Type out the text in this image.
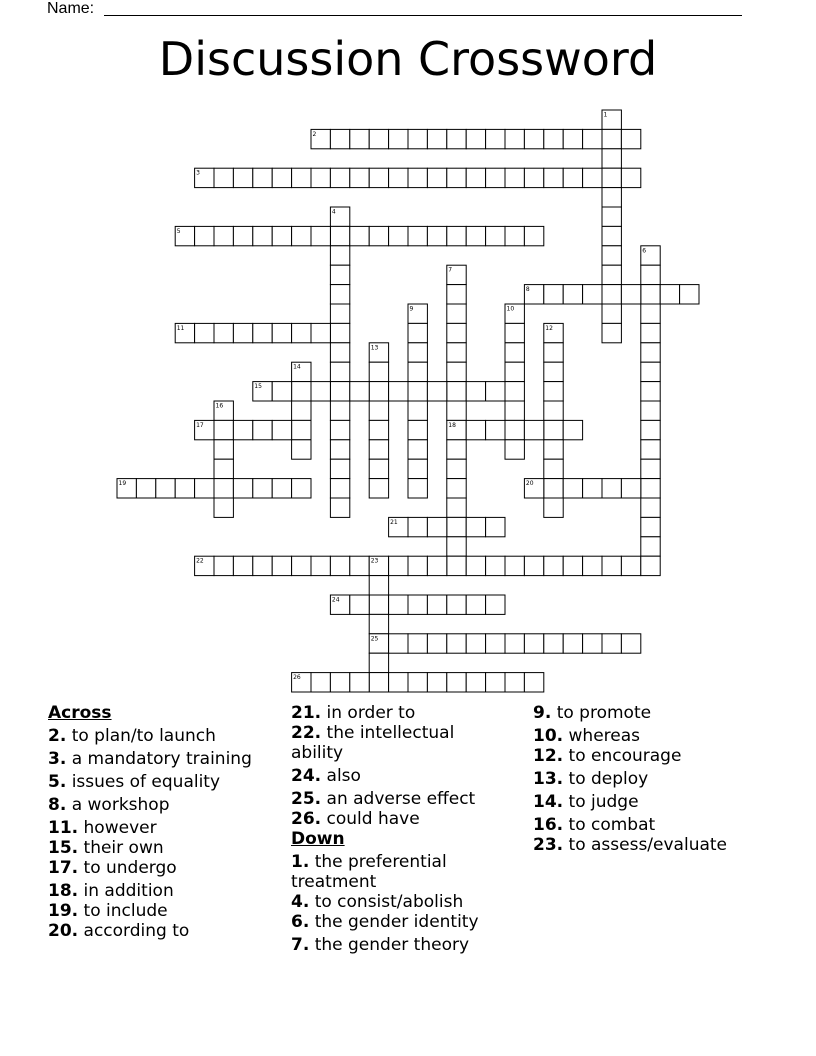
Name:
Discussion Crossword
1
2
3
4
5
6
7
8
9	10
11	12
13
14
15
16
17	18
19	20
21
22	23
24
25
26
Across
2. to plan/to launch
3. a mandatory training
5. issues of equality
8. a workshop
11. however
15. their own
17. to undergo
18. in addition
19. to include
20. according to
21. in order to
22. the intellectual ability
24. also
25. an adverse effect
26. could have
Down
1. the preferential treatment
4. to consist/abolish
6. the gender identity
7. the gender theory
9. to promote
10. whereas
12. to encourage
13. to deploy
14. to judge
16. to combat
23. to assess/evaluate
